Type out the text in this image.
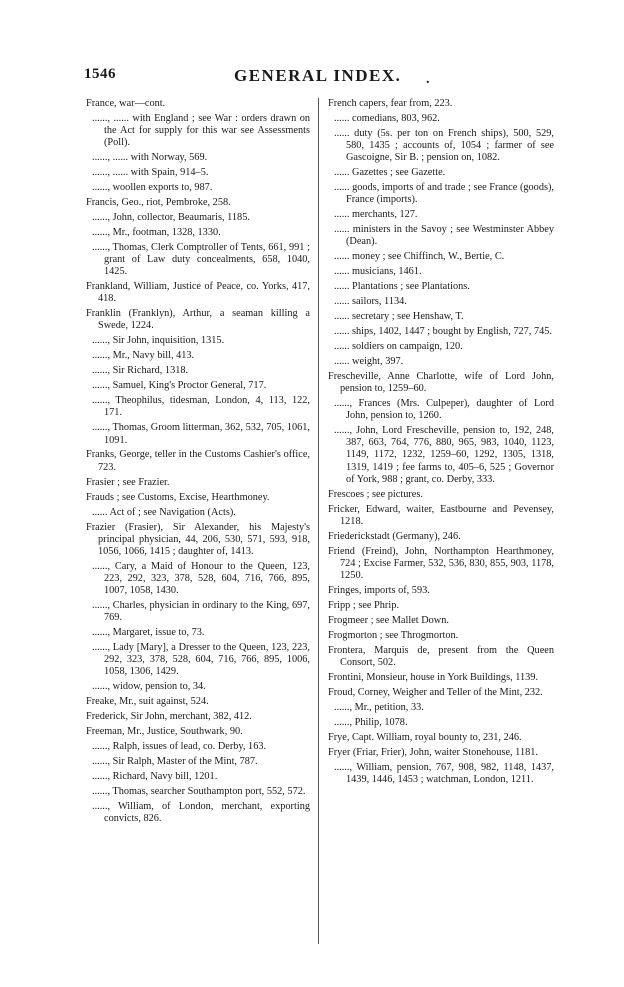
1546	GENERAL INDEX. .

France, war—cont.

......, ...... with England ; see War : orders drawn on the Act for supply for this war see Assessments (Poll).

......, ...... with Norway, 569.

......, ...... with Spain, 914–5.

......, woollen exports to, 987.

Francis, Geo., riot, Pembroke, 258.

......, John, collector, Beaumaris, 1185.

......, Mr., footman, 1328, 1330.

......, Thomas, Clerk Comptroller of Tents, 661, 991 ; grant of Law duty concealments, 658, 1040, 1425.

Frankland, William, Justice of Peace, co. Yorks, 417, 418.

Franklin (Franklyn), Arthur, a seaman killing a Swede, 1224.

......, Sir John, inquisition, 1315.

......, Mr., Navy bill, 413.

......, Sir Richard, 1318.

......, Samuel, King's Proctor General, 717.

......, Theophilus, tidesman, London, 4, 113, 122, 171.

......, Thomas, Groom litterman, 362, 532, 705, 1061, 1091.

Franks, George, teller in the Customs Cashier's office, 723.

Frasier ; see Frazier.

Frauds ; see Customs, Excise, Hearthmoney.

...... Act of ; see Navigation (Acts).

Frazier (Frasier), Sir Alexander, his Majesty's principal physician, 44, 206, 530, 571, 593, 918, 1056, 1066, 1415 ; daughter of, 1413.

......, Cary, a Maid of Honour to the Queen, 123, 223, 292, 323, 378, 528, 604, 716, 766, 895, 1007, 1058, 1430.

......, Charles, physician in ordinary to the King, 697, 769.

......, Margaret, issue to, 73.

......, Lady [Mary], a Dresser to the Queen, 123, 223, 292, 323, 378, 528, 604, 716, 766, 895, 1006, 1058, 1306, 1429.

......, widow, pension to, 34.

Freake, Mr., suit against, 524.

Frederick, Sir John, merchant, 382, 412.

Freeman, Mr., Justice, Southwark, 90.

......, Ralph, issues of lead, co. Derby, 163.

......, Sir Ralph, Master of the Mint, 787.

......, Richard, Navy bill, 1201.

......, Thomas, searcher Southampton port, 552, 572.

......, William, of London, merchant, exporting convicts, 826.

French capers, fear from, 223.

...... comedians, 803, 962.

...... duty (5s. per ton on French ships), 500, 529, 580, 1435 ; accounts of, 1054 ; farmer of see Gascoigne, Sir B. ; pension on, 1082.

...... Gazettes ; see Gazette.

...... goods, imports of and trade ; see France (goods), France (imports).

...... merchants, 127.

...... ministers in the Savoy ; see Westminster Abbey (Dean).

...... money ; see Chiffinch, W., Bertie, C.

...... musicians, 1461.

...... Plantations ; see Plantations.

...... sailors, 1134.

...... secretary ; see Henshaw, T.

...... ships, 1402, 1447 ; bought by English, 727, 745.

...... soldiers on campaign, 120.

...... weight, 397.

Frescheville, Anne Charlotte, wife of Lord John, pension to, 1259–60.

......, Frances (Mrs. Culpeper), daughter of Lord John, pension to, 1260.

......, John, Lord Frescheville, pension to, 192, 248, 387, 663, 764, 776, 880, 965, 983, 1040, 1123, 1149, 1172, 1232, 1259–60, 1292, 1305, 1318, 1319, 1419 ; fee farms to, 405–6, 525 ; Governor of York, 988 ; grant, co. Derby, 333.

Frescoes ; see pictures.

Fricker, Edward, waiter, Eastbourne and Pevensey, 1218.

Friederickstadt (Germany), 246.

Friend (Freind), John, Northampton Hearthmoney, 724 ; Excise Farmer, 532, 536, 830, 855, 903, 1178, 1250.

Fringes, imports of, 593.

Fripp ; see Phrip.

Frogmeer ; see Mallet Down.

Frogmorton ; see Throgmorton.

Frontera, Marquis de, present from the Queen Consort, 502.

Frontini, Monsieur, house in York Buildings, 1139.

Froud, Corney, Weigher and Teller of the Mint, 232.

......, Mr., petition, 33.

......, Philip, 1078.

Frye, Capt. William, royal bounty to, 231, 246.

Fryer (Friar, Frier), John, waiter Stonehouse, 1181.

......, William, pension, 767, 908, 982, 1148, 1437, 1439, 1446, 1453 ; watchman, London, 1211.
